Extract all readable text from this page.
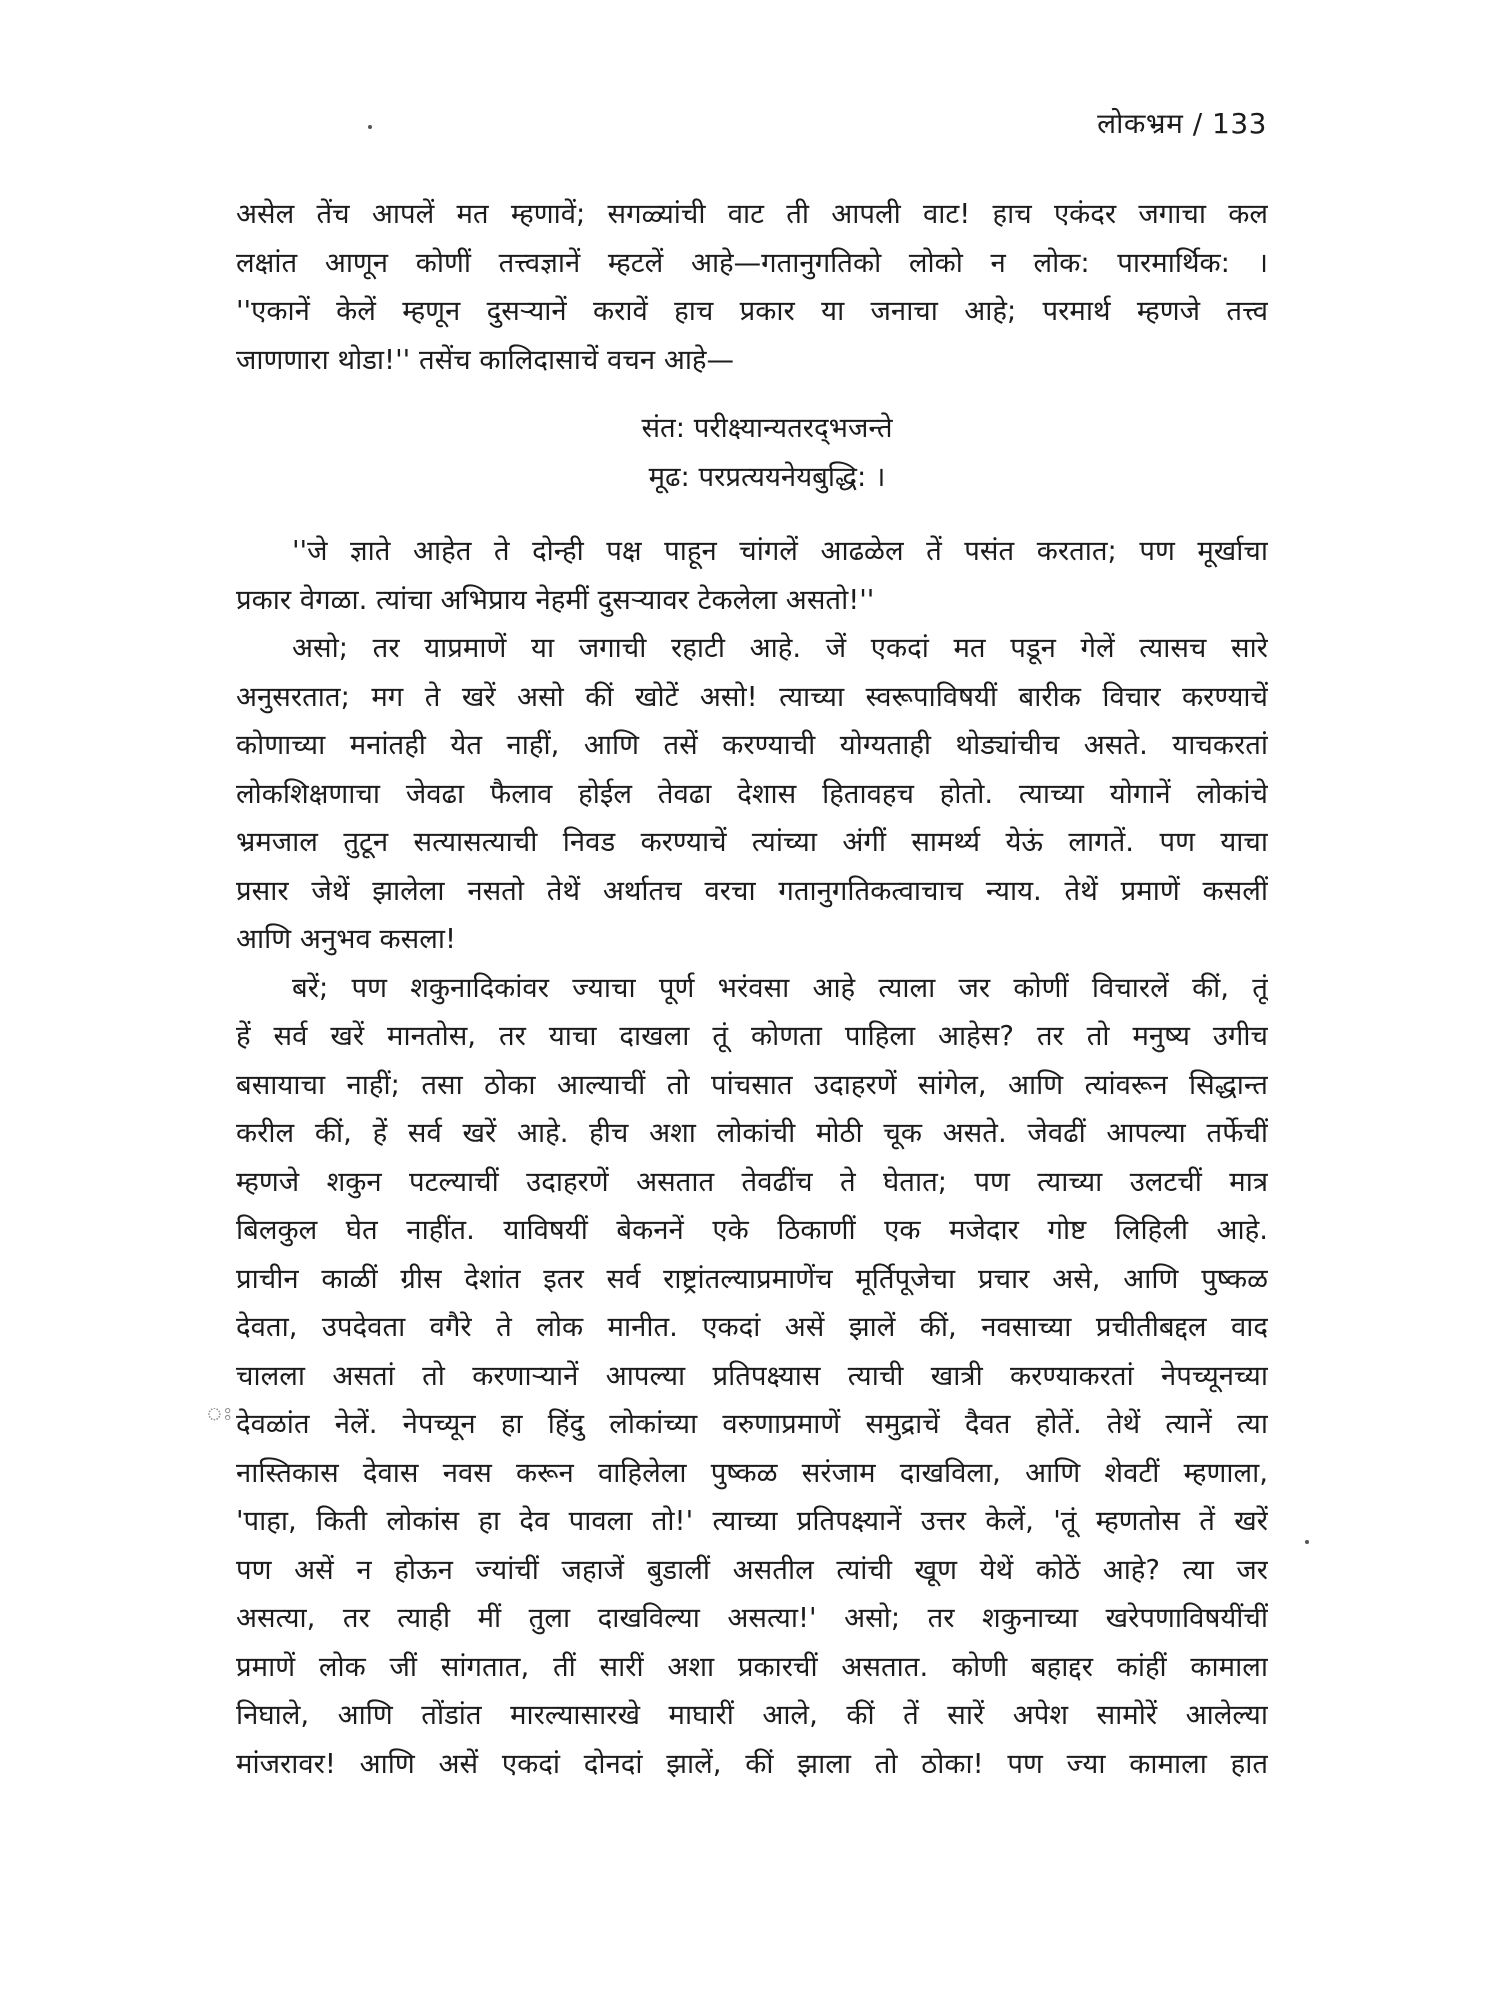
लोकभ्रम / 133
असेल तेंच आपलें मत म्हणावें; सगळ्यांची वाट ती आपली वाट! हाच एकंदर जगाचा कल
लक्षांत आणून कोणीं तत्त्वज्ञानें म्हटलें आहे—गतानुगतिको लोको न लोक: पारमार्थिक: ।
''एकानें केलें म्हणून दुसऱ्यानें करावें हाच प्रकार या जनाचा आहे; परमार्थ म्हणजे तत्त्व
जाणणारा थोडा!'' तसेंच कालिदासाचें वचन आहे—
संत: परीक्ष्यान्यतरद्‌भजन्ते
मूढ: परप्रत्ययनेयबुद्धि: ।
''जे ज्ञाते आहेत ते दोन्ही पक्ष पाहून चांगलें आढळेल तें पसंत करतात; पण मूर्खाचा
प्रकार वेगळा. त्यांचा अभिप्राय नेहमीं दुसऱ्यावर टेकलेला असतो!''
असो; तर याप्रमाणें या जगाची रहाटी आहे. जें एकदां मत पडून गेलें त्यासच सारे
अनुसरतात; मग ते खरें असो कीं खोटें असो! त्याच्या स्वरूपाविषयीं बारीक विचार करण्याचें
कोणाच्या मनांतही येत नाहीं, आणि तसें करण्याची योग्यताही थोड्यांचीच असते. याचकरतां
लोकशिक्षणाचा जेवढा फैलाव होईल तेवढा देशास हितावहच होतो. त्याच्या योगानें लोकांचे
भ्रमजाल तुटून सत्यासत्याची निवड करण्याचें त्यांच्या अंगीं सामर्थ्य येऊं लागतें. पण याचा
प्रसार जेथें झालेला नसतो तेथें अर्थातच वरचा गतानुगतिकत्वाचाच न्याय. तेथें प्रमाणें कसलीं
आणि अनुभव कसला!
बरें; पण शकुनादिकांवर ज्याचा पूर्ण भरंवसा आहे त्याला जर कोणीं विचारलें कीं, तूं
हें सर्व खरें मानतोस, तर याचा दाखला तूं कोणता पाहिला आहेस? तर तो मनुष्य उगीच
बसायाचा नाहीं; तसा ठोका आल्याचीं तो पांचसात उदाहरणें सांगेल, आणि त्यांवरून सिद्धान्त
करील कीं, हें सर्व खरें आहे. हीच अशा लोकांची मोठी चूक असते. जेवढीं आपल्या तर्फेचीं
म्हणजे शकुन पटल्याचीं उदाहरणें असतात तेवढींच ते घेतात; पण त्याच्या उलटचीं मात्र
बिलकुल घेत नाहींत. याविषयीं बेकननें एके ठिकाणीं एक मजेदार गोष्ट लिहिली आहे.
प्राचीन काळीं ग्रीस देशांत इतर सर्व राष्ट्रांतल्याप्रमाणेंच मूर्तिपूजेचा प्रचार असे, आणि पुष्कळ
देवता, उपदेवता वगैरे ते लोक मानीत. एकदां असें झालें कीं, नवसाच्या प्रचीतीबद्दल वाद
चालला असतां तो करणाऱ्यानें आपल्या प्रतिपक्ष्यास त्याची खात्री करण्याकरतां नेपच्यूनच्या
देवळांत नेलें. नेपच्यून हा हिंदु लोकांच्या वरुणाप्रमाणें समुद्राचें दैवत होतें. तेथें त्यानें त्या
नास्तिकास देवास नवस करून वाहिलेला पुष्कळ सरंजाम दाखविला, आणि शेवटीं म्हणाला,
'पाहा, किती लोकांस हा देव पावला तो!' त्याच्या प्रतिपक्ष्यानें उत्तर केलें, 'तूं म्हणतोस तें खरें
पण असें न होऊन ज्यांचीं जहाजें बुडालीं असतील त्यांची खूण येथें कोठें आहे? त्या जर
असत्या, तर त्याही मीं तुला दाखविल्या असत्या!' असो; तर शकुनाच्या खरेपणाविषयींचीं
प्रमाणें लोक जीं सांगतात, तीं सारीं अशा प्रकारचीं असतात. कोणी बहाद्दर कांहीं कामाला
निघाले, आणि तोंडांत मारल्यासारखे माघारीं आले, कीं तें सारें अपेश सामोरें आलेल्या
मांजरावर! आणि असें एकदां दोनदां झालें, कीं झाला तो ठोका! पण ज्या कामाला हात
ঃ
